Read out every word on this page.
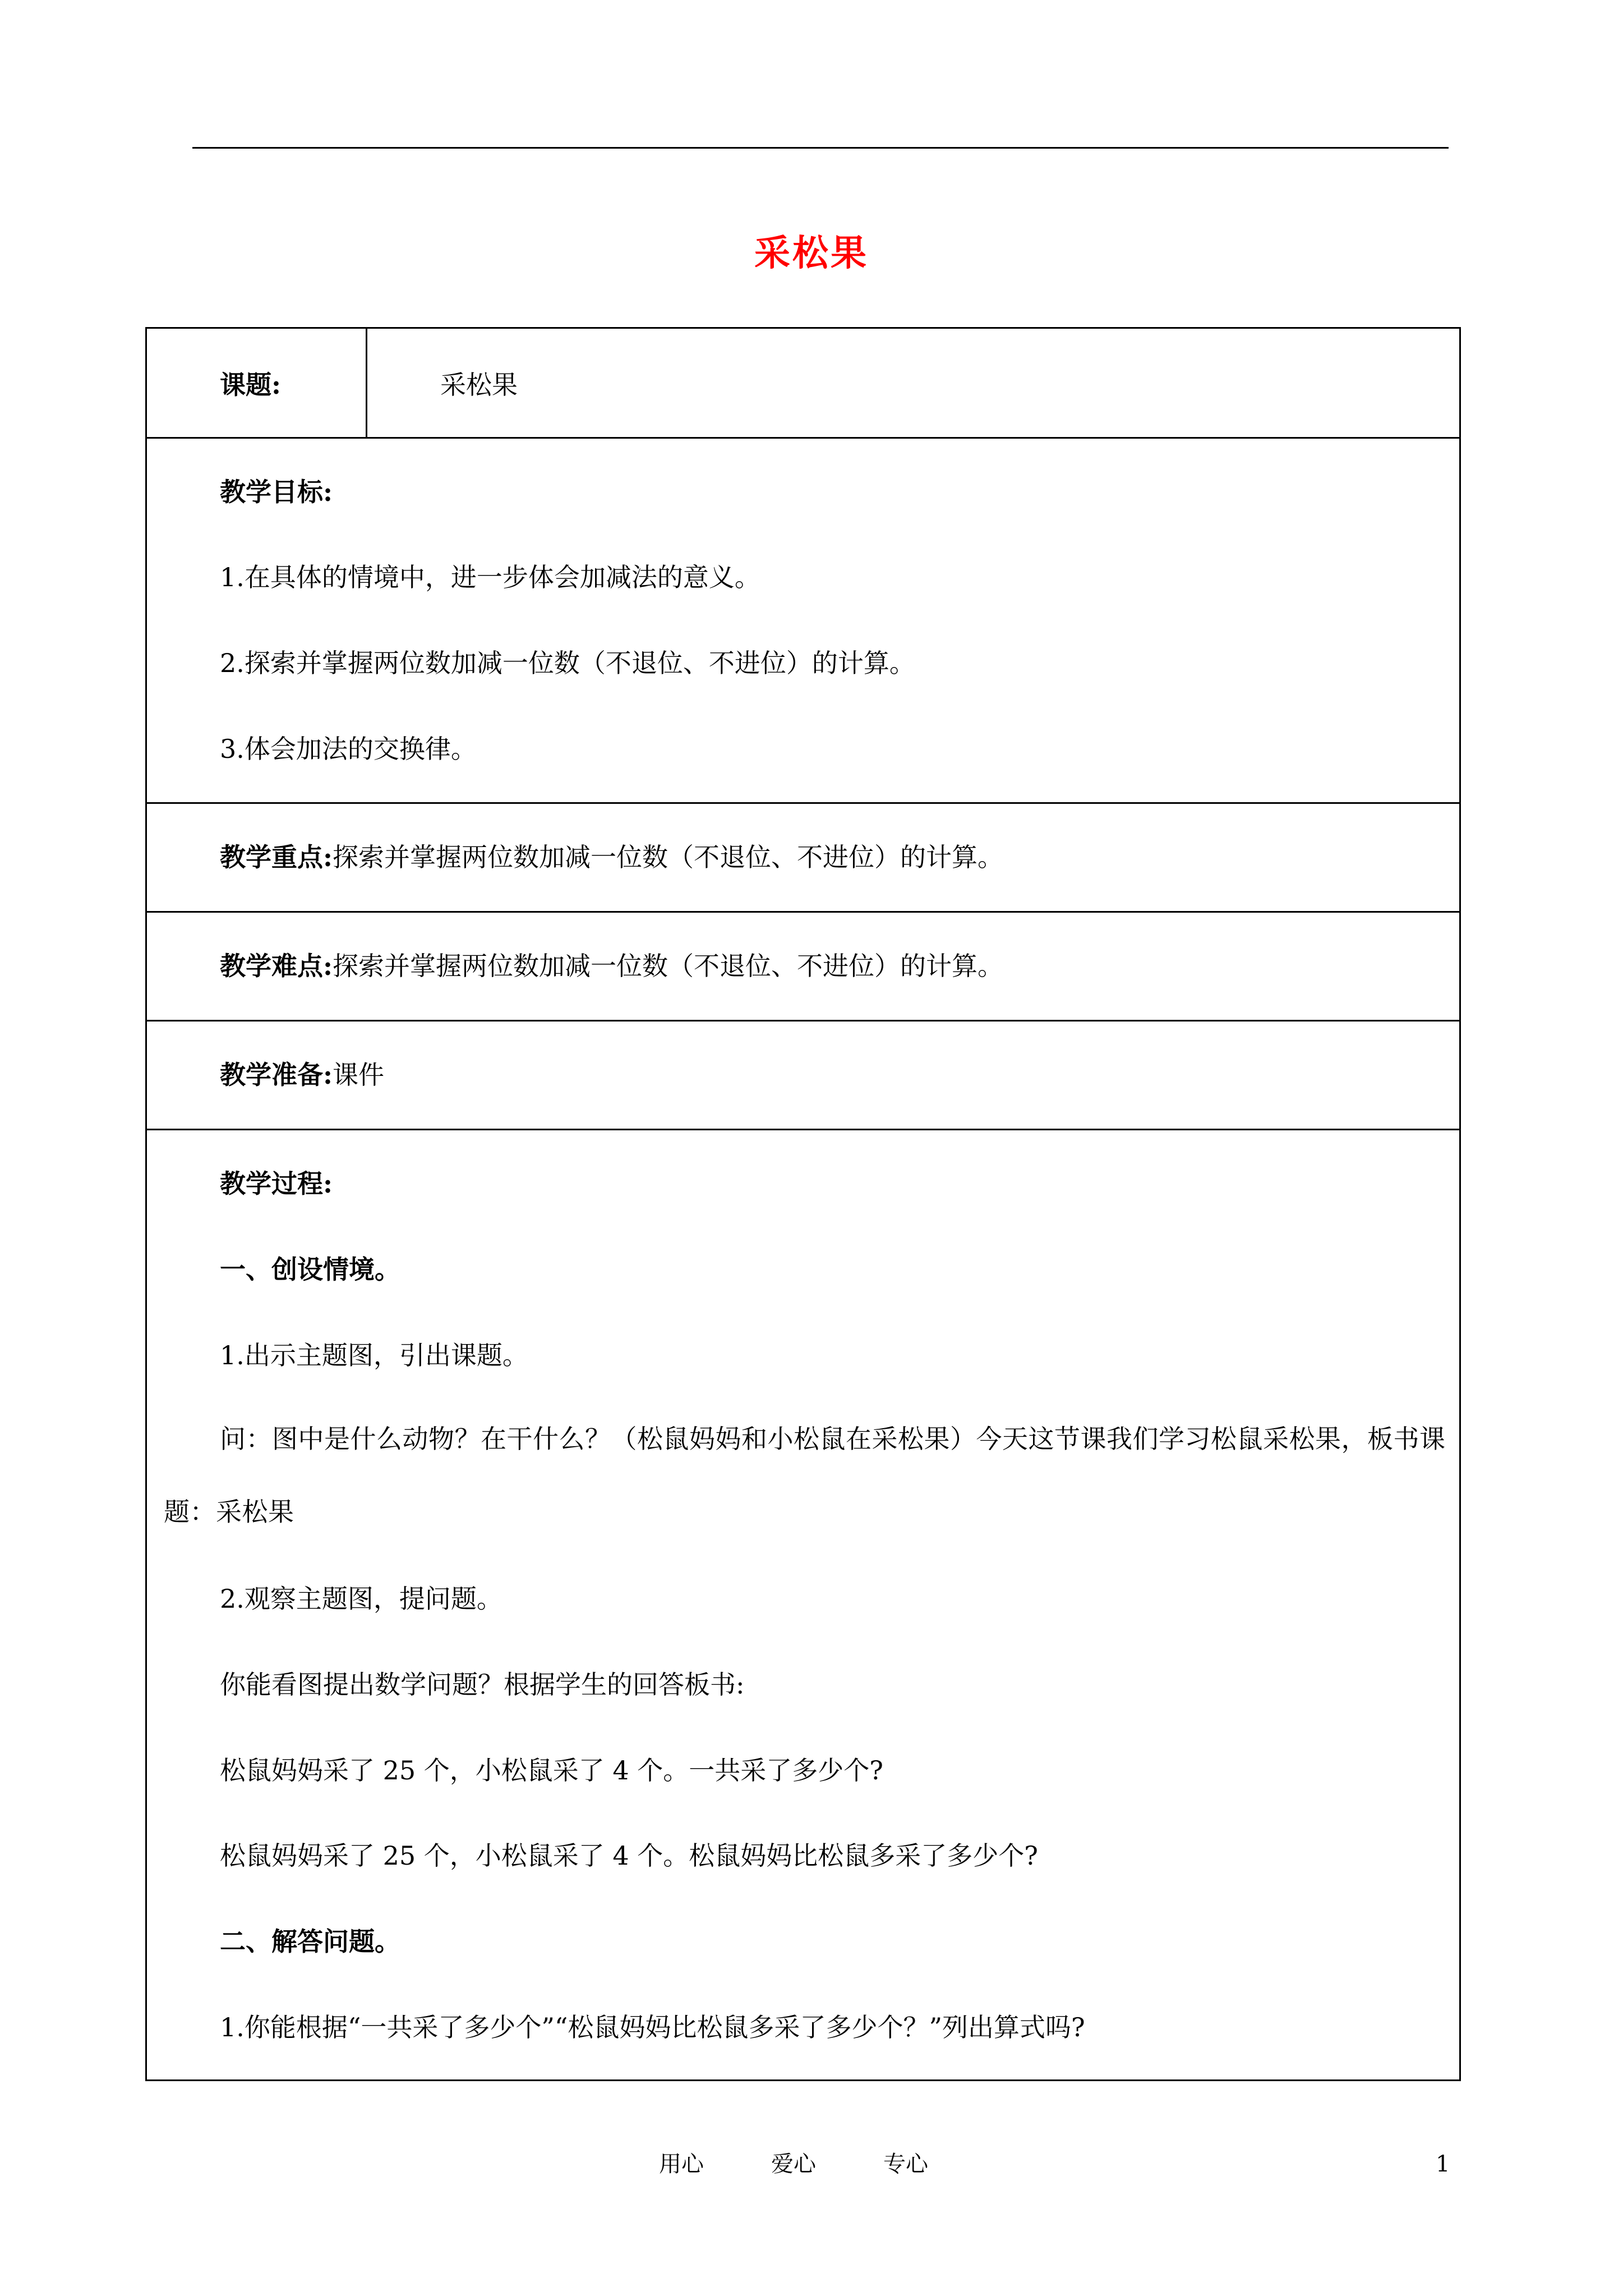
采松果
课题:	采松果
教学目标:
1.在具体的情境中，进一步体会加减法的意义。
2.探索并掌握两位数加减一位数（不退位、不进位）的计算。
3.体会加法的交换律。
教学重点:探索并掌握两位数加减一位数（不退位、不进位）的计算。
教学难点:探索并掌握两位数加减一位数（不退位、不进位）的计算。
教学准备:课件
教学过程:
一、创设情境。
1.出示主题图，引出课题。
问：图中是什么动物？在干什么？（松鼠妈妈和小松鼠在采松果）今天这节课我们学习松鼠采松果，板书课题：采松果
2.观察主题图，提问题。
你能看图提出数学问题？根据学生的回答板书:
松鼠妈妈采了 25 个，小松鼠采了 4 个。一共采了多少个?
松鼠妈妈采了 25 个，小松鼠采了 4 个。松鼠妈妈比松鼠多采了多少个?
二、解答问题。
1.你能根据“一共采了多少个”“松鼠妈妈比松鼠多采了多少个？”列出算式吗?
用心	爱心	专心	1
